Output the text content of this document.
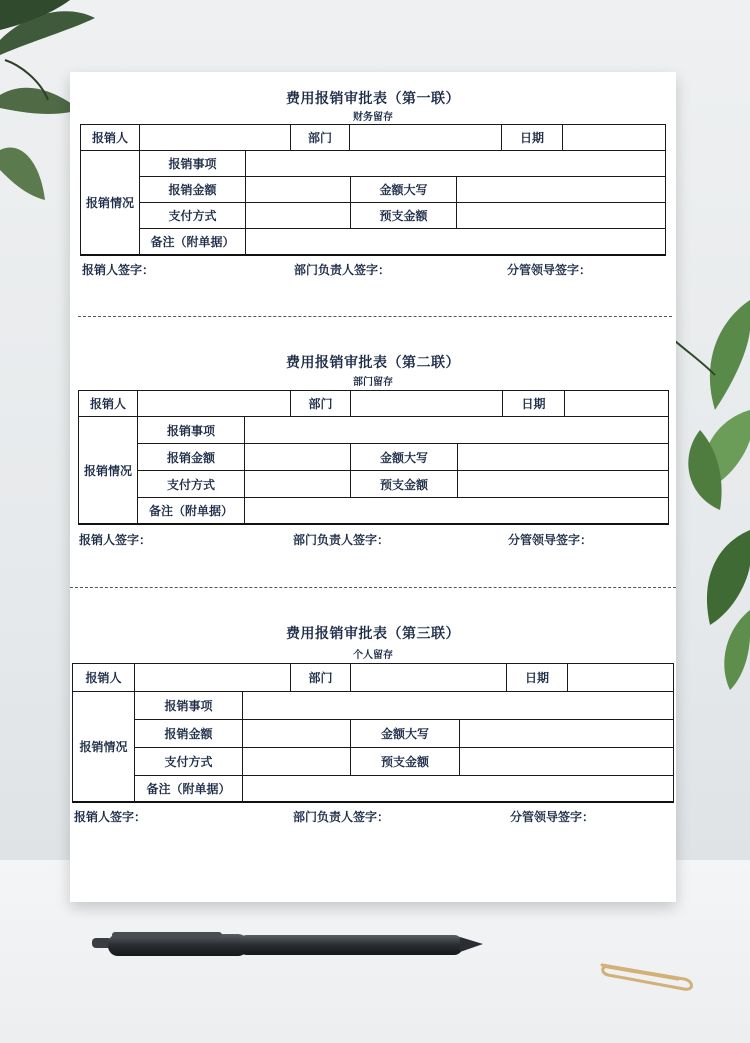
费用报销审批表（第一联）
财务留存
报销人	部门	日期
报销情况
报销事项
报销金额	金额大写
支付方式	预支金额
备注（附单据）
报销人签字：	部门负责人签字：	分管领导签字：
费用报销审批表（第二联）
部门留存
报销人	部门	日期
报销情况
报销事项
报销金额	金额大写
支付方式	预支金额
备注（附单据）
报销人签字：	部门负责人签字：	分管领导签字：
费用报销审批表（第三联）
个人留存
报销人	部门	日期
报销情况
报销事项
报销金额	金额大写
支付方式	预支金额
备注（附单据）
报销人签字：	部门负责人签字：	分管领导签字：
